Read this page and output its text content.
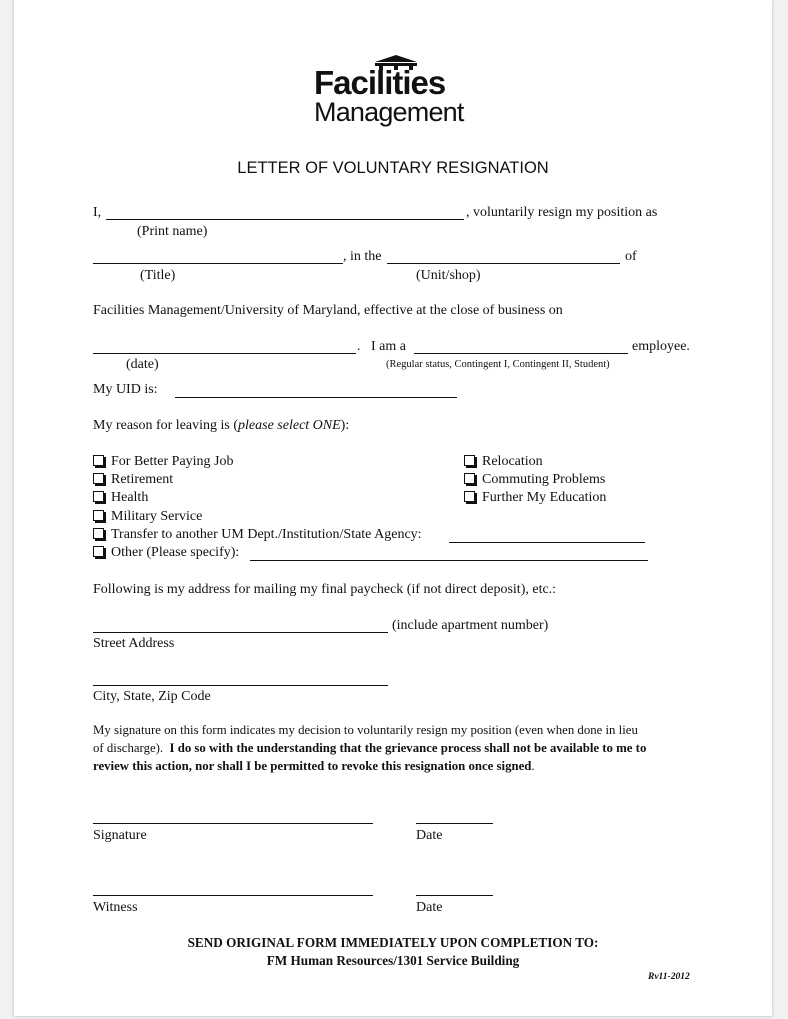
Facilities
Management
LETTER OF VOLUNTARY RESIGNATION
I,	, voluntarily resign my position as
(Print name)
, in the	of
(Title)	(Unit/shop)
Facilities Management/University of Maryland, effective at the close of business on
. I am a	employee.
(date)	(Regular status, Contingent I, Contingent II, Student)
My UID is:
My reason for leaving is (please select ONE):
For Better Paying Job
Retirement
Health
Military Service
Relocation
Commuting Problems
Further My Education
Transfer to another UM Dept./Institution/State Agency:
Other (Please specify):
Following is my address for mailing my final paycheck (if not direct deposit), etc.:
(include apartment number)
Street Address
City, State, Zip Code
My signature on this form indicates my decision to voluntarily resign my position (even when done in lieu
of discharge). I do so with the understanding that the grievance process shall not be available to me to
review this action, nor shall I be permitted to revoke this resignation once signed.
Signature	Date
Witness	Date
SEND ORIGINAL FORM IMMEDIATELY UPON COMPLETION TO:
FM Human Resources/1301 Service Building
Rv11-2012
